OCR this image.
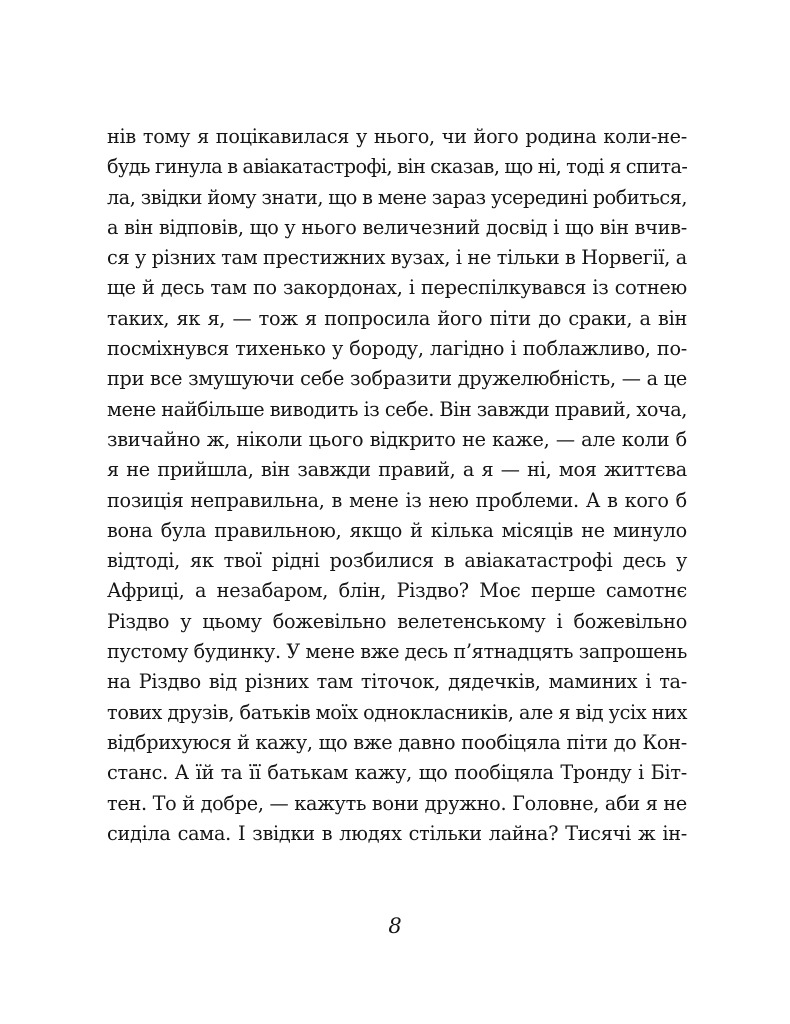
нів тому я поцікавилася у нього, чи його родина коли-не-
будь гинула в авіакатастрофі, він сказав, що ні, тоді я спита-
ла, звідки йому знати, що в мене зараз усередині робиться,
а він відповів, що у нього величезний досвід і що він вчив-
ся у різних там престижних вузах, і не тільки в Норвегії, а
ще й десь там по закордонах, і переспілкувався із сотнею
таких, як я, — тож я попросила його піти до сраки, а він
посміхнувся тихенько у бороду, лагідно і поблажливо, по-
при все змушуючи себе зобразити дружелюбність, — а це
мене найбільше виводить із себе. Він завжди правий, хоча,
звичайно ж, ніколи цього відкрито не каже, — але коли б
я не прийшла, він завжди правий, а я — ні, моя життєва
позиція неправильна, в мене із нею проблеми. А в кого б
вона була правильною, якщо й кілька місяців не минуло
відтоді, як твої рідні розбилися в авіакатастрофі десь у
Африці, а незабаром, блін, Різдво? Моє перше самотнє
Різдво у цьому божевільно велетенському і божевільно
пустому будинку. У мене вже десь п’ятнадцять запрошень
на Різдво від різних там тіточок, дядечків, маминих і та-
тових друзів, батьків моїх однокласників, але я від усіх них
відбрихуюся й кажу, що вже давно пообіцяла піти до Кон-
станс. А їй та її батькам кажу, що пообіцяла Тронду і Біт-
тен. То й добре, — кажуть вони дружно. Головне, аби я не
сиділа сама. І звідки в людях стільки лайна? Тисячі ж ін-
8
